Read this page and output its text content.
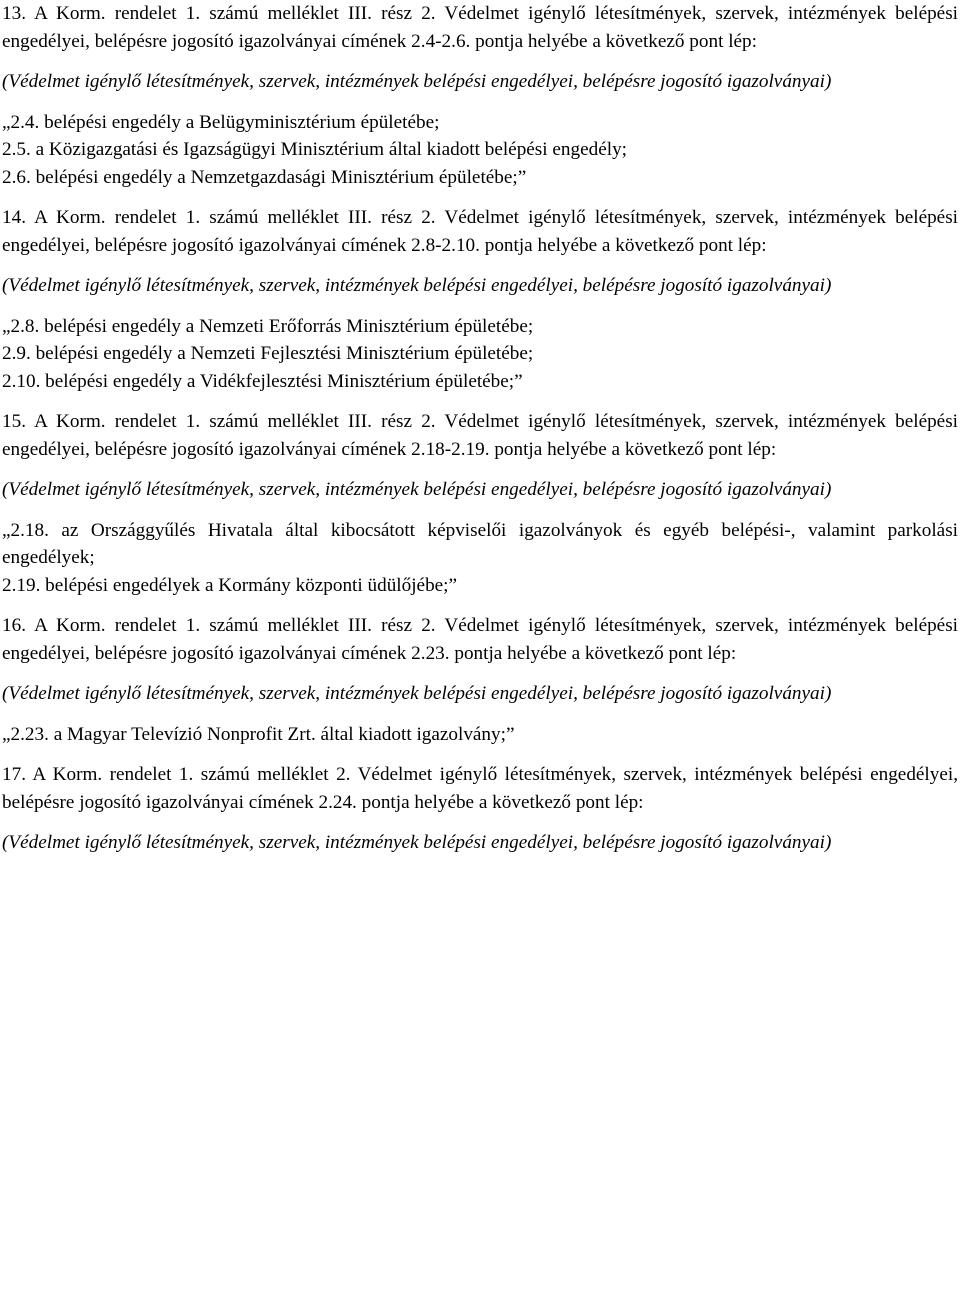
13. A Korm. rendelet 1. számú melléklet III. rész 2. Védelmet igénylő létesítmények, szervek, intézmények belépési engedélyei, belépésre jogosító igazolványai címének 2.4-2.6. pontja helyébe a következő pont lép:

(Védelmet igénylő létesítmények, szervek, intézmények belépési engedélyei, belépésre jogosító igazolványai)

„2.4. belépési engedély a Belügyminisztérium épületébe;
2.5. a Közigazgatási és Igazságügyi Minisztérium által kiadott belépési engedély;
2.6. belépési engedély a Nemzetgazdasági Minisztérium épületébe;”

14. A Korm. rendelet 1. számú melléklet III. rész 2. Védelmet igénylő létesítmények, szervek, intézmények belépési engedélyei, belépésre jogosító igazolványai címének 2.8-2.10. pontja helyébe a következő pont lép:

(Védelmet igénylő létesítmények, szervek, intézmények belépési engedélyei, belépésre jogosító igazolványai)

„2.8. belépési engedély a Nemzeti Erőforrás Minisztérium épületébe;
2.9. belépési engedély a Nemzeti Fejlesztési Minisztérium épületébe;
2.10. belépési engedély a Vidékfejlesztési Minisztérium épületébe;”

15. A Korm. rendelet 1. számú melléklet III. rész 2. Védelmet igénylő létesítmények, szervek, intézmények belépési engedélyei, belépésre jogosító igazolványai címének 2.18-2.19. pontja helyébe a következő pont lép:

(Védelmet igénylő létesítmények, szervek, intézmények belépési engedélyei, belépésre jogosító igazolványai)

„2.18. az Országgyűlés Hivatala által kibocsátott képviselői igazolványok és egyéb belépési-, valamint parkolási engedélyek;
2.19. belépési engedélyek a Kormány központi üdülőjébe;”

16. A Korm. rendelet 1. számú melléklet III. rész 2. Védelmet igénylő létesítmények, szervek, intézmények belépési engedélyei, belépésre jogosító igazolványai címének 2.23. pontja helyébe a következő pont lép:

(Védelmet igénylő létesítmények, szervek, intézmények belépési engedélyei, belépésre jogosító igazolványai)

„2.23. a Magyar Televízió Nonprofit Zrt. által kiadott igazolvány;”

17. A Korm. rendelet 1. számú melléklet 2. Védelmet igénylő létesítmények, szervek, intézmények belépési engedélyei, belépésre jogosító igazolványai címének 2.24. pontja helyébe a következő pont lép:

(Védelmet igénylő létesítmények, szervek, intézmények belépési engedélyei, belépésre jogosító igazolványai)
